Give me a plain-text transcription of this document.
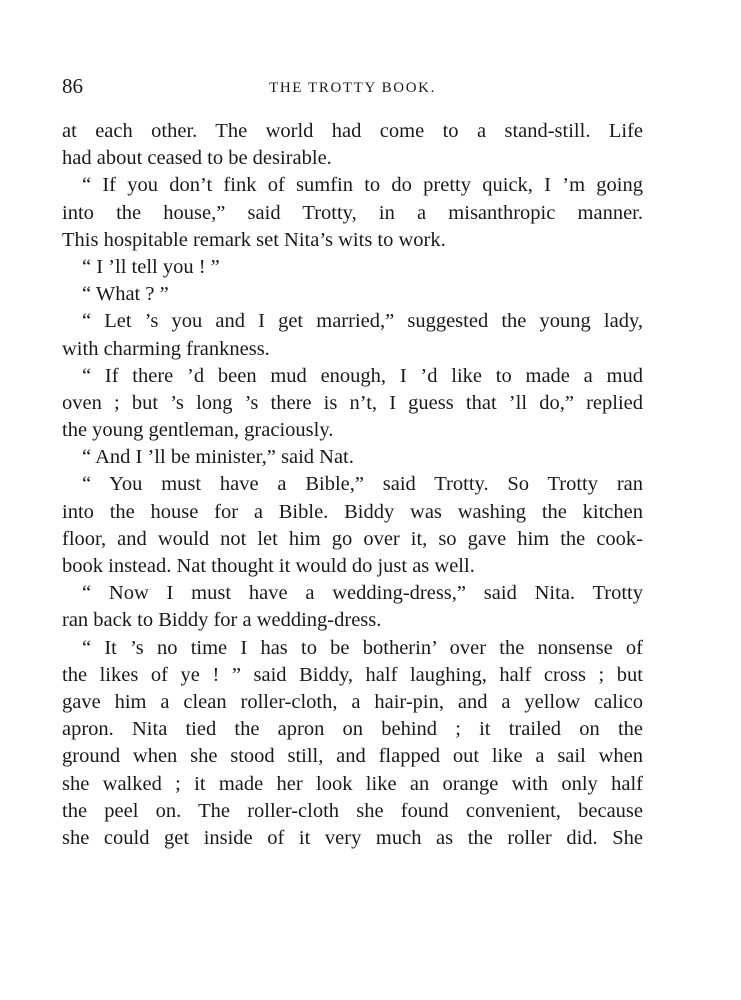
86	THE TROTTY BOOK.
at each other. The world had come to a stand-still. Life
had about ceased to be desirable.
“ If you don’t fink of sumfin to do pretty quick, I ’m going
into the house,” said Trotty, in a misanthropic manner.
This hospitable remark set Nita’s wits to work.
“ I ’ll tell you ! ”
“ What ? ”
“ Let ’s you and I get married,” suggested the young lady,
with charming frankness.
“ If there ’d been mud enough, I ’d like to made a mud
oven ; but ’s long ’s there is n’t, I guess that ’ll do,” replied
the young gentleman, graciously.
“ And I ’ll be minister,” said Nat.
“ You must have a Bible,” said Trotty. So Trotty ran
into the house for a Bible. Biddy was washing the kitchen
floor, and would not let him go over it, so gave him the cook-
book instead. Nat thought it would do just as well.
“ Now I must have a wedding-dress,” said Nita. Trotty
ran back to Biddy for a wedding-dress.
“ It ’s no time I has to be botherin’ over the nonsense of
the likes of ye ! ” said Biddy, half laughing, half cross ; but
gave him a clean roller-cloth, a hair-pin, and a yellow calico
apron. Nita tied the apron on behind ; it trailed on the
ground when she stood still, and flapped out like a sail when
she walked ; it made her look like an orange with only half
the peel on. The roller-cloth she found convenient, because
she could get inside of it very much as the roller did. She
